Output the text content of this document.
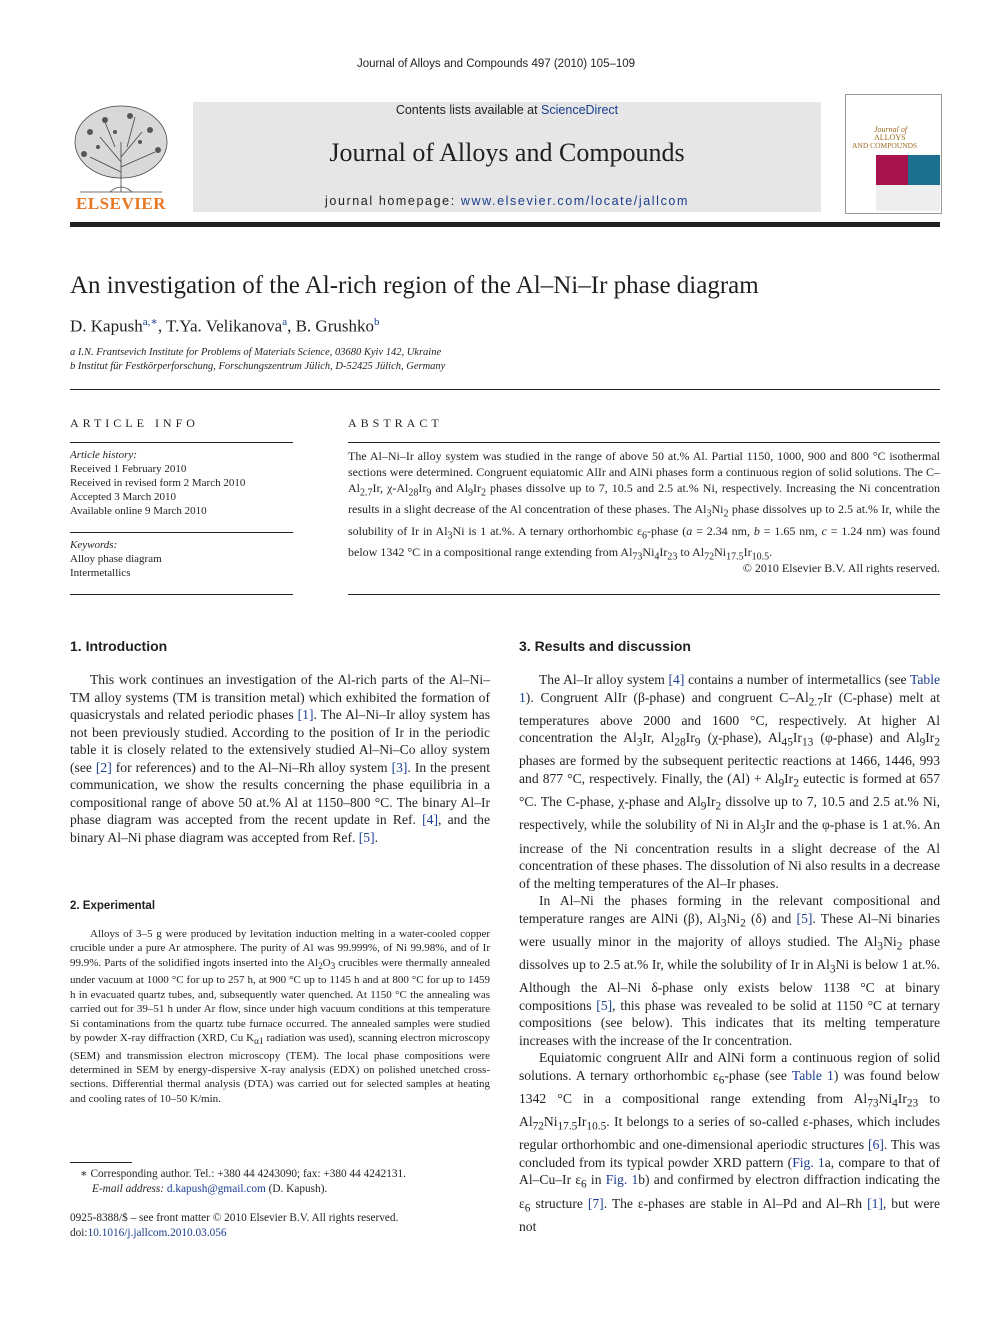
Journal of Alloys and Compounds 497 (2010) 105–109
ELSEVIER
Contents lists available at ScienceDirect
Journal of Alloys and Compounds
journal homepage: www.elsevier.com/locate/jallcom
Journal of
ALLOYS
AND COMPOUNDS
An investigation of the Al-rich region of the Al–Ni–Ir phase diagram
D. Kapush$^{a,∗}$, T.Ya. Velikanova$^a$, B. Grushko$^b$
a I.N. Frantsevich Institute for Problems of Materials Science, 03680 Kyiv 142, Ukraine
b Institut für Festkörperforschung, Forschungszentrum Jülich, D-52425 Jülich, Germany
ARTICLE INFO
Article history:
Received 1 February 2010
Received in revised form 2 March 2010
Accepted 3 March 2010
Available online 9 March 2010
Keywords:
Alloy phase diagram
Intermetallics
ABSTRACT
The Al–Ni–Ir alloy system was studied in the range of above 50 at.% Al. Partial 1150, 1000, 900 and 800 °C isothermal sections were determined. Congruent equiatomic AlIr and AlNi phases form a continuous region of solid solutions. The $C-Al_{2.7}Ir$, $\chi-Al_{28}Ir_9$ and $Al_9Ir_2$ phases dissolve up to 7, 10.5 and 2.5 at.% Ni, respectively. Increasing the Ni concentration results in a slight decrease of the Al concentration of these phases. The $Al_3Ni_2$ phase dissolves up to 2.5 at.% Ir, while the solubility of Ir in $Al_3Ni$ is 1 at.%. A ternary orthorhombic $\varepsilon_6$-phase (a = 2.34 nm, b = 1.65 nm, c = 1.24 nm) was found below 1342 °C in a compositional range extending from $Al_{73}Ni_4Ir_{23}$ to $Al_{72}Ni_{17.5}Ir_{10.5}$.
© 2010 Elsevier B.V. All rights reserved.
1. Introduction

This work continues an investigation of the Al-rich parts of the Al–Ni–TM alloy systems (TM is transition metal) which exhibited the formation of quasicrystals and related periodic phases [1]. The Al–Ni–Ir alloy system has not been previously studied. According to the position of Ir in the periodic table it is closely related to the extensively studied Al–Ni–Co alloy system (see [2] for references) and to the Al–Ni–Rh alloy system [3]. In the present communication, we show the results concerning the phase equilibria in a compositional range of above 50 at.% Al at 1150–800 °C. The binary Al–Ir phase diagram was accepted from the recent update in Ref. [4], and the binary Al–Ni phase diagram was accepted from Ref. [5].

2. Experimental

Alloys of 3–5 g were produced by levitation induction melting in a water-cooled copper crucible under a pure Ar atmosphere. The purity of Al was 99.999%, of Ni 99.98%, and of Ir 99.9%. Parts of the solidified ingots inserted into the $Al_2O_3$ crucibles were thermally annealed under vacuum at 1000 °C for up to 257 h, at 900 °C up to 1145 h and at 800 °C for up to 1459 h in evacuated quartz tubes, and, subsequently water quenched. At 1150 °C the annealing was carried out for 39–51 h under Ar flow, since under high vacuum conditions at this temperature Si contaminations from the quartz tube furnace occurred. The annealed samples were studied by powder X-ray diffraction (XRD, Cu $K_{\alpha 1}$ radiation was used), scanning electron microscopy (SEM) and transmission electron microscopy (TEM). The local phase compositions were determined in SEM by energy-dispersive X-ray analysis (EDX) on polished unetched cross-sections. Differential thermal analysis (DTA) was carried out for selected samples at heating and cooling rates of 10–50 K/min.

∗ Corresponding author. Tel.: +380 44 4243090; fax: +380 44 4242131.
E-mail address: d.kapush@gmail.com (D. Kapush).
0925-8388/$ – see front matter © 2010 Elsevier B.V. All rights reserved.
doi:10.1016/j.jallcom.2010.03.056
3. Results and discussion

The Al–Ir alloy system [4] contains a number of intermetallics (see Table 1). Congruent AlIr (β-phase) and congruent $C-Al_{2.7}Ir$ (C-phase) melt at temperatures above 2000 and 1600 °C, respectively. At higher Al concentration the $Al_3Ir$, $Al_{28}Ir_9$ (χ-phase), $Al_{45}Ir_{13}$ (φ-phase) and $Al_9Ir_2$ phases are formed by the subsequent peritectic reactions at 1466, 1446, 993 and 877 °C, respectively. Finally, the $(Al) + Al_9Ir_2$ eutectic is formed at 657 °C. The C-phase, χ-phase and $Al_9Ir_2$ dissolve up to 7, 10.5 and 2.5 at.% Ni, respectively, while the solubility of Ni in $Al_3Ir$ and the φ-phase is 1 at.%. An increase of the Ni concentration results in a slight decrease of the Al concentration of these phases. The dissolution of Ni also results in a decrease of the melting temperatures of the Al–Ir phases.

In Al–Ni the phases forming in the relevant compositional and temperature ranges are AlNi (β), $Al_3Ni_2$ (δ) and [5]. These Al–Ni binaries were usually minor in the majority of alloys studied. The $Al_3Ni_2$ phase dissolves up to 2.5 at.% Ir, while the solubility of Ir in $Al_3Ni$ is below 1 at.%. Although the Al–Ni δ-phase only exists below 1138 °C at binary compositions [5], this phase was revealed to be solid at 1150 °C at ternary compositions (see below). This indicates that its melting temperature increases with the increase of the Ir concentration.

Equiatomic congruent AlIr and AlNi form a continuous region of solid solutions. A ternary orthorhombic $\varepsilon_6$-phase (see Table 1) was found below 1342 °C in a compositional range extending from $Al_{73}Ni_4Ir_{23}$ to $Al_{72}Ni_{17.5}Ir_{10.5}$. It belongs to a series of so-called ε-phases, which includes regular orthorhombic and one-dimensional aperiodic structures [6]. This was concluded from its typical powder XRD pattern (Fig. 1a, compare to that of Al–Cu–Ir $\varepsilon_6$ in Fig. 1b) and confirmed by electron diffraction indicating the $\varepsilon_6$ structure [7]. The ε-phases are stable in Al–Pd and Al–Rh [1], but were not
